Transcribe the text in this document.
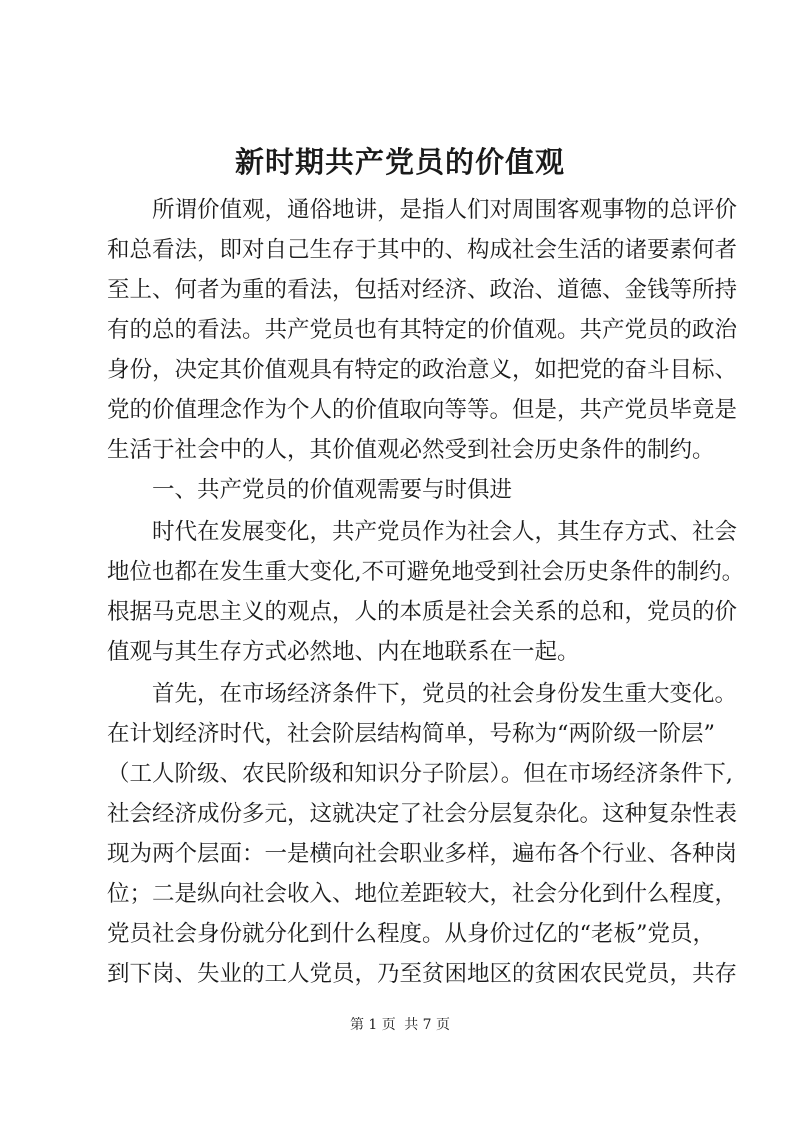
新时期共产党员的价值观
所谓价值观，通俗地讲，是指人们对周围客观事物的总评价
和总看法，即对自己生存于其中的、构成社会生活的诸要素何者
至上、何者为重的看法，包括对经济、政治、道德、金钱等所持
有的总的看法。共产党员也有其特定的价值观。共产党员的政治
身份，决定其价值观具有特定的政治意义，如把党的奋斗目标、
党的价值理念作为个人的价值取向等等。但是，共产党员毕竟是
生活于社会中的人，其价值观必然受到社会历史条件的制约。
一、共产党员的价值观需要与时俱进
时代在发展变化，共产党员作为社会人，其生存方式、社会
地位也都在发生重大变化,不可避免地受到社会历史条件的制约。
根据马克思主义的观点，人的本质是社会关系的总和，党员的价
值观与其生存方式必然地、内在地联系在一起。
首先，在市场经济条件下，党员的社会身份发生重大变化。
在计划经济时代，社会阶层结构简单，号称为“两阶级一阶层”
（工人阶级、农民阶级和知识分子阶层）。但在市场经济条件下,
社会经济成份多元，这就决定了社会分层复杂化。这种复杂性表
现为两个层面：一是横向社会职业多样，遍布各个行业、各种岗
位；二是纵向社会收入、地位差距较大，社会分化到什么程度，
党员社会身份就分化到什么程度。从身价过亿的“老板”党员，
到下岗、失业的工人党员，乃至贫困地区的贫困农民党员，共存
第 1 页 共 7 页
